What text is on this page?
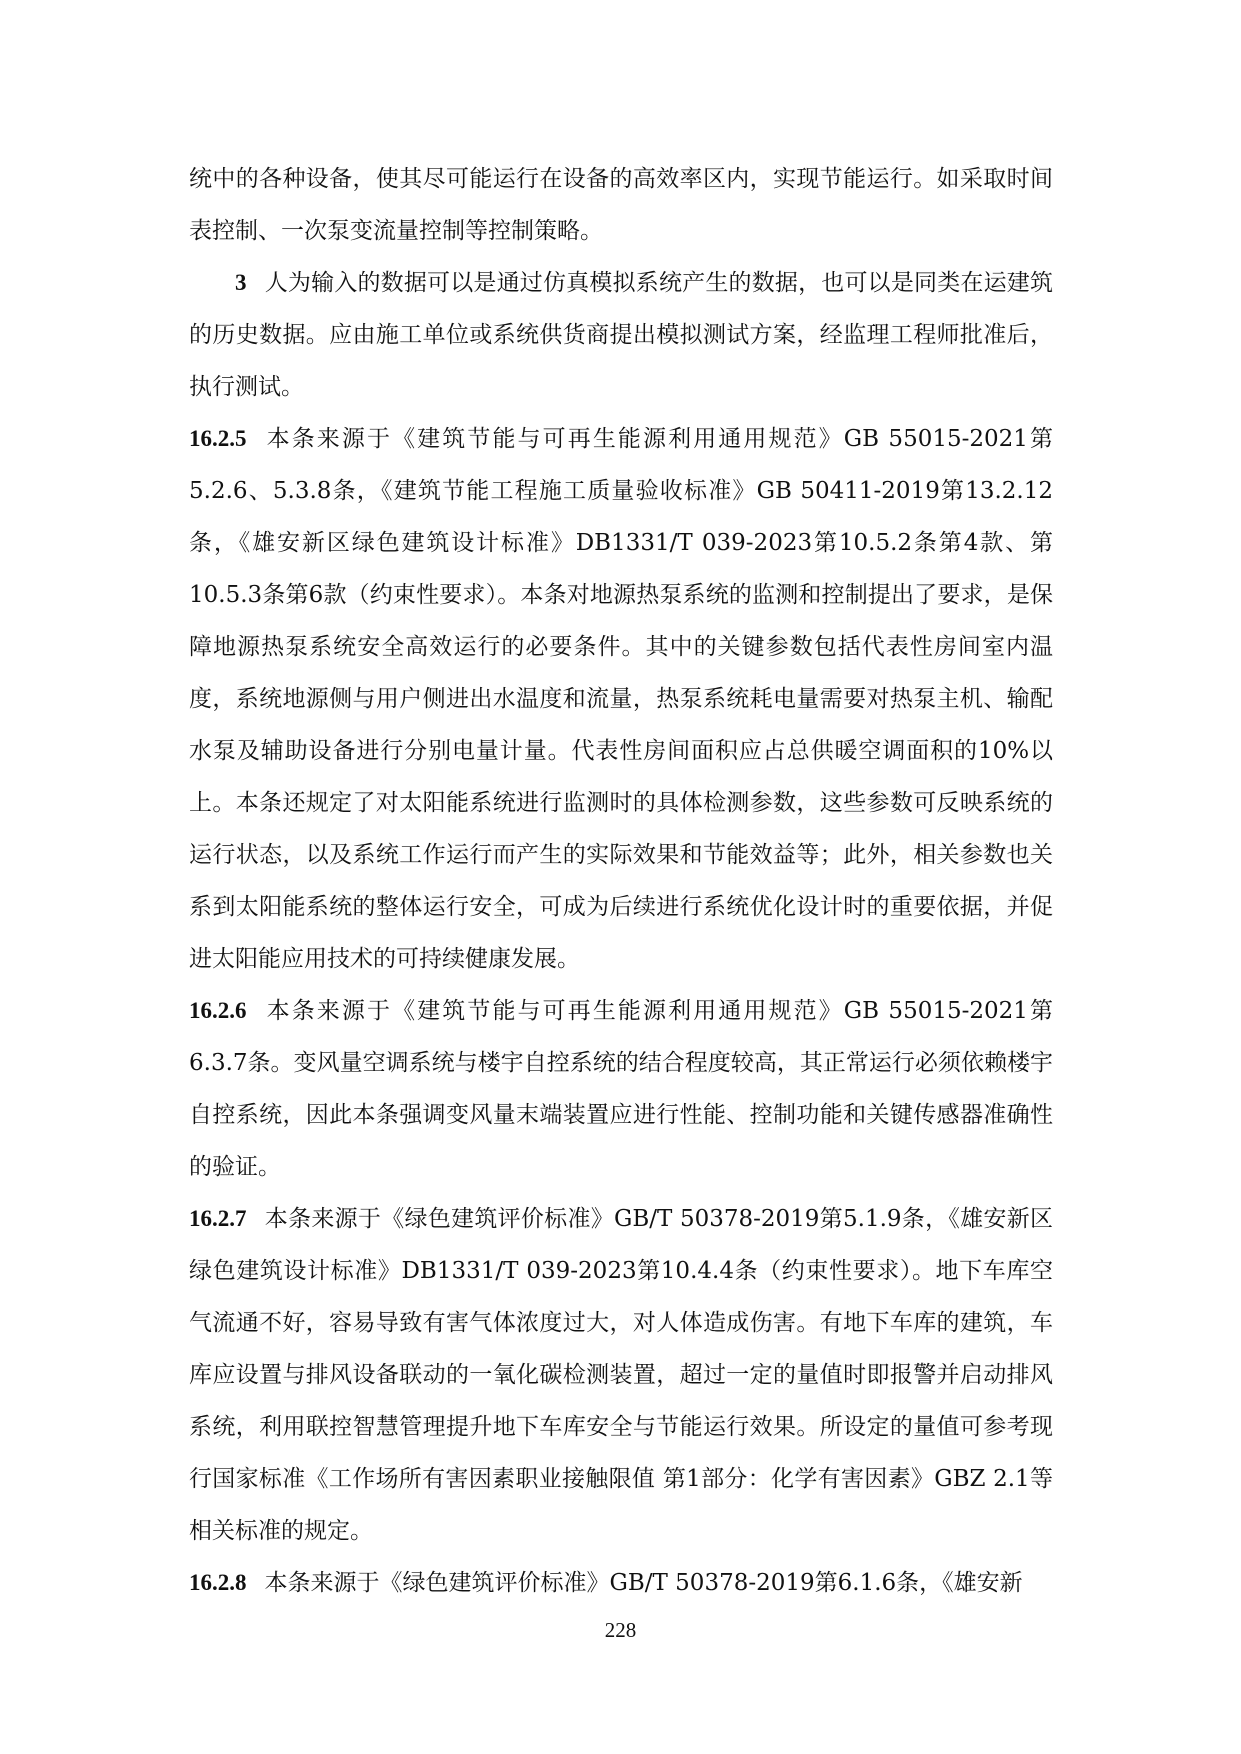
统中的各种设备，使其尽可能运行在设备的高效率区内，实现节能运行。如采取时间表控制、一次泵变流量控制等控制策略。

3 人为输入的数据可以是通过仿真模拟系统产生的数据，也可以是同类在运建筑的历史数据。应由施工单位或系统供货商提出模拟测试方案，经监理工程师批准后，执行测试。

16.2.5 本条来源于《建筑节能与可再生能源利用通用规范》GB 55015-2021第5.2.6、5.3.8条，《建筑节能工程施工质量验收标准》GB 50411-2019第13.2.12条，《雄安新区绿色建筑设计标准》DB1331/T 039-2023第10.5.2条第4款、第10.5.3条第6款（约束性要求）。本条对地源热泵系统的监测和控制提出了要求，是保障地源热泵系统安全高效运行的必要条件。其中的关键参数包括代表性房间室内温度，系统地源侧与用户侧进出水温度和流量，热泵系统耗电量需要对热泵主机、输配水泵及辅助设备进行分别电量计量。代表性房间面积应占总供暖空调面积的10%以上。本条还规定了对太阳能系统进行监测时的具体检测参数，这些参数可反映系统的运行状态，以及系统工作运行而产生的实际效果和节能效益等；此外，相关参数也关系到太阳能系统的整体运行安全，可成为后续进行系统优化设计时的重要依据，并促进太阳能应用技术的可持续健康发展。

16.2.6 本条来源于《建筑节能与可再生能源利用通用规范》GB 55015-2021第6.3.7条。变风量空调系统与楼宇自控系统的结合程度较高，其正常运行必须依赖楼宇自控系统，因此本条强调变风量末端装置应进行性能、控制功能和关键传感器准确性的验证。

16.2.7 本条来源于《绿色建筑评价标准》GB/T 50378-2019第5.1.9条，《雄安新区绿色建筑设计标准》DB1331/T 039-2023第10.4.4条（约束性要求）。地下车库空气流通不好，容易导致有害气体浓度过大，对人体造成伤害。有地下车库的建筑，车库应设置与排风设备联动的一氧化碳检测装置，超过一定的量值时即报警并启动排风系统，利用联控智慧管理提升地下车库安全与节能运行效果。所设定的量值可参考现行国家标准《工作场所有害因素职业接触限值 第1部分：化学有害因素》GBZ 2.1等相关标准的规定。

16.2.8 本条来源于《绿色建筑评价标准》GB/T 50378-2019第6.1.6条，《雄安新

228
